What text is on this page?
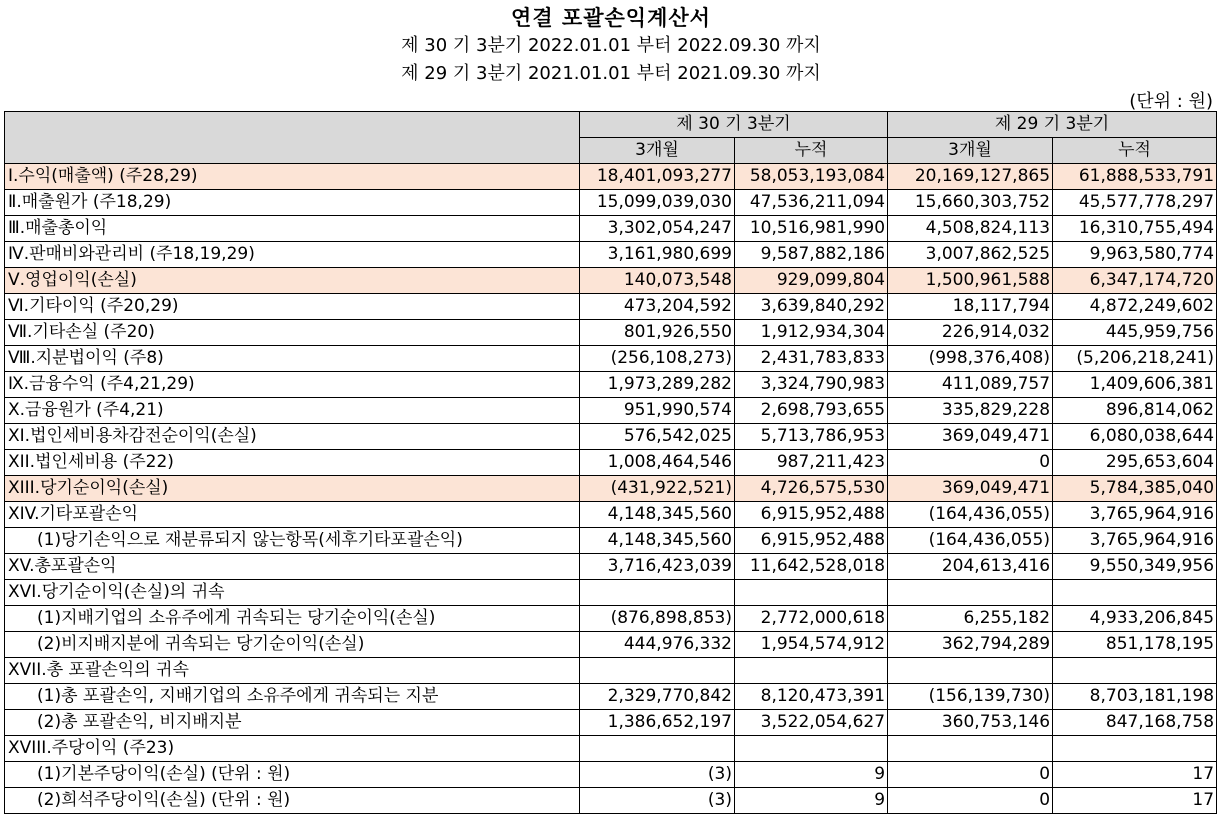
연결 포괄손익계산서
제 30 기 3분기 2022.01.01 부터 2022.09.30 까지
제 29 기 3분기 2021.01.01 부터 2021.09.30 까지
(단위 : 원)
	제 30 기 3분기		제 29 기 3분기	
	3개월	누적	3개월	누적
Ⅰ.수익(매출액) (주28,29)	18,401,093,277	58,053,193,084	20,169,127,865	61,888,533,791
Ⅱ.매출원가 (주18,29)	15,099,039,030	47,536,211,094	15,660,303,752	45,577,778,297
Ⅲ.매출총이익	3,302,054,247	10,516,981,990	4,508,824,113	16,310,755,494
Ⅳ.판매비와관리비 (주18,19,29)	3,161,980,699	9,587,882,186	3,007,862,525	9,963,580,774
Ⅴ.영업이익(손실)	140,073,548	929,099,804	1,500,961,588	6,347,174,720
Ⅵ.기타이익 (주20,29)	473,204,592	3,639,840,292	18,117,794	4,872,249,602
Ⅶ.기타손실 (주20)	801,926,550	1,912,934,304	226,914,032	445,959,756
Ⅷ.지분법이익 (주8)	(256,108,273)	2,431,783,833	(998,376,408)	(5,206,218,241)
Ⅸ.금융수익 (주4,21,29)	1,973,289,282	3,324,790,983	411,089,757	1,409,606,381
Ⅹ.금융원가 (주4,21)	951,990,574	2,698,793,655	335,829,228	896,814,062
XI.법인세비용차감전순이익(손실)	576,542,025	5,713,786,953	369,049,471	6,080,038,644
XII.법인세비용 (주22)	1,008,464,546	987,211,423	0	295,653,604
XIII.당기순이익(손실)	(431,922,521)	4,726,575,530	369,049,471	5,784,385,040
XIV.기타포괄손익	4,148,345,560	6,915,952,488	(164,436,055)	3,765,964,916
(1)당기손익으로 재분류되지 않는항목(세후기타포괄손익)	4,148,345,560	6,915,952,488	(164,436,055)	3,765,964,916
XV.총포괄손익	3,716,423,039	11,642,528,018	204,613,416	9,550,349,956
XVI.당기순이익(손실)의 귀속				
(1)지배기업의 소유주에게 귀속되는 당기순이익(손실)	(876,898,853)	2,772,000,618	6,255,182	4,933,206,845
(2)비지배지분에 귀속되는 당기순이익(손실)	444,976,332	1,954,574,912	362,794,289	851,178,195
XVII.총 포괄손익의 귀속				
(1)총 포괄손익, 지배기업의 소유주에게 귀속되는 지분	2,329,770,842	8,120,473,391	(156,139,730)	8,703,181,198
(2)총 포괄손익, 비지배지분	1,386,652,197	3,522,054,627	360,753,146	847,168,758
XVIII.주당이익 (주23)				
(1)기본주당이익(손실) (단위 : 원)	(3)	9	0	17
(2)희석주당이익(손실) (단위 : 원)	(3)	9	0	17
